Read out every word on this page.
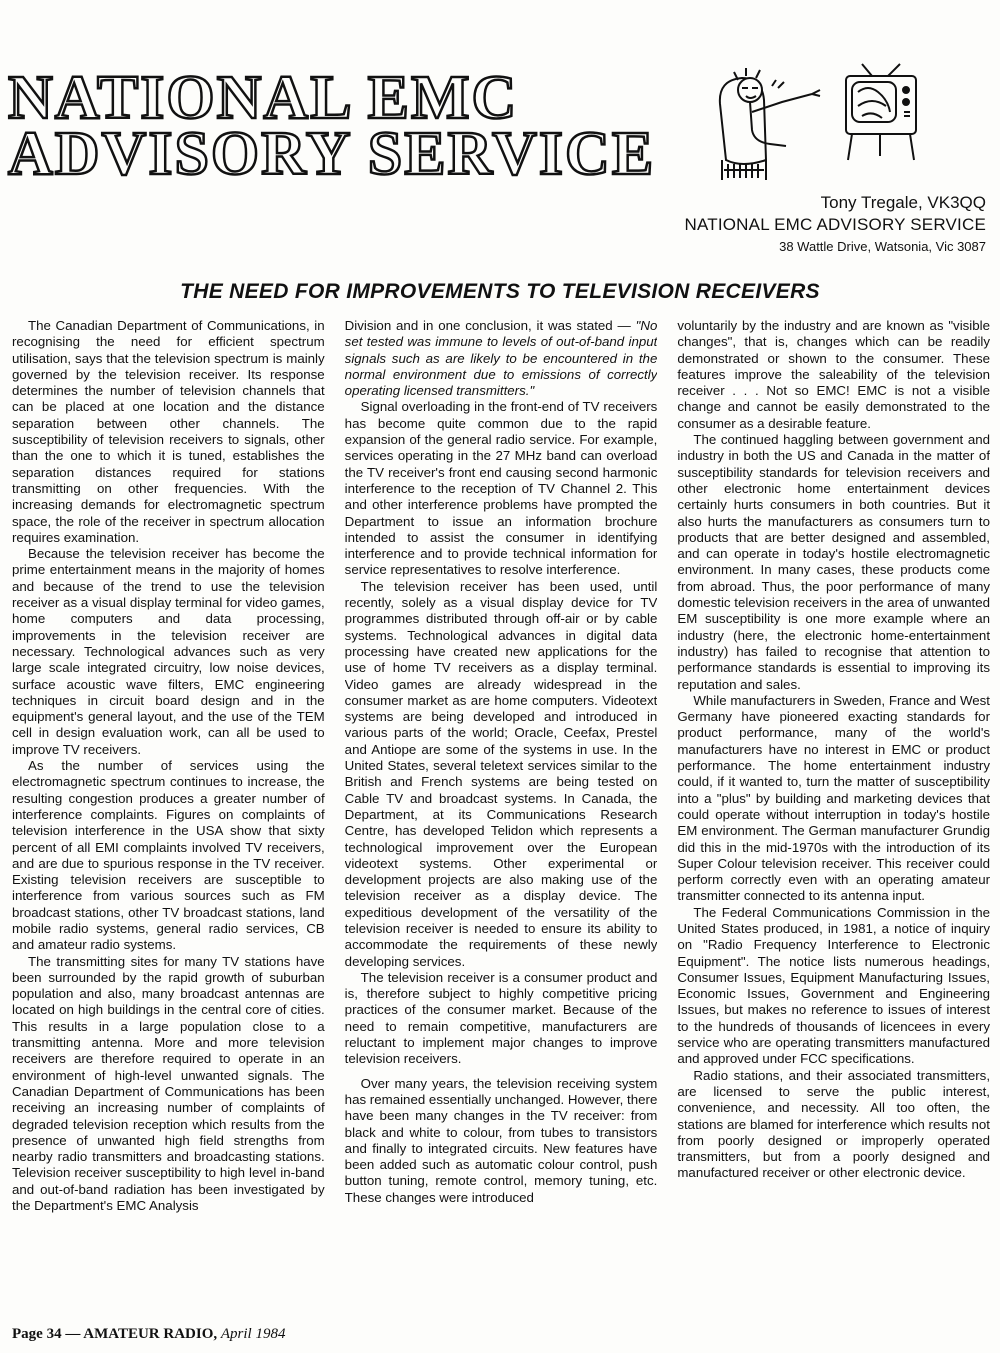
NATIONAL EMC
ADVISORY SERVICE
Tony Tregale, VK3QQ
NATIONAL EMC ADVISORY SERVICE
38 Wattle Drive, Watsonia, Vic 3087
THE NEED FOR IMPROVEMENTS TO TELEVISION RECEIVERS

The Canadian Department of Communications, in recognising the need for efficient spectrum utilisation, says that the television spectrum is mainly governed by the television receiver. Its response determines the number of television channels that can be placed at one location and the distance separation between other channels. The susceptibility of television receivers to signals, other than the one to which it is tuned, establishes the separation distances required for stations transmitting on other frequencies. With the increasing demands for electromagnetic spectrum space, the role of the receiver in spectrum allocation requires examination.

Because the television receiver has become the prime entertainment means in the majority of homes and because of the trend to use the television receiver as a visual display terminal for video games, home computers and data processing, improvements in the television receiver are necessary. Technological advances such as very large scale integrated circuitry, low noise devices, surface acoustic wave filters, EMC engineering techniques in circuit board design and in the equipment's general layout, and the use of the TEM cell in design evaluation work, can all be used to improve TV receivers.

As the number of services using the electromagnetic spectrum continues to increase, the resulting congestion produces a greater number of interference complaints. Figures on complaints of television interference in the USA show that sixty percent of all EMI complaints involved TV receivers, and are due to spurious response in the TV receiver. Existing television receivers are susceptible to interference from various sources such as FM broadcast stations, other TV broadcast stations, land mobile radio systems, general radio services, CB and amateur radio systems.

The transmitting sites for many TV stations have been surrounded by the rapid growth of suburban population and also, many broadcast antennas are located on high buildings in the central core of cities. This results in a large population close to a transmitting antenna. More and more television receivers are therefore required to operate in an environment of high-level unwanted signals. The Canadian Department of Communications has been receiving an increasing number of complaints of degraded television reception which results from the presence of unwanted high field strengths from nearby radio transmitters and broadcasting stations. Television receiver susceptibility to high level in-band and out-of-band radiation has been investigated by the Department's EMC Analysis

Division and in one conclusion, it was stated — "No set tested was immune to levels of out-of-band input signals such as are likely to be encountered in the normal environment due to emissions of correctly operating licensed transmitters."

Signal overloading in the front-end of TV receivers has become quite common due to the rapid expansion of the general radio service. For example, services operating in the 27 MHz band can overload the TV receiver's front end causing second harmonic interference to the reception of TV Channel 2. This and other interference problems have prompted the Department to issue an information brochure intended to assist the consumer in identifying interference and to provide technical information for service representatives to resolve interference.

The television receiver has been used, until recently, solely as a visual display device for TV programmes distributed through off-air or by cable systems. Technological advances in digital data processing have created new applications for the use of home TV receivers as a display terminal. Video games are already widespread in the consumer market as are home computers. Videotext systems are being developed and introduced in various parts of the world; Oracle, Ceefax, Prestel and Antiope are some of the systems in use. In the United States, several teletext services similar to the British and French systems are being tested on Cable TV and broadcast systems. In Canada, the Department, at its Communications Research Centre, has developed Telidon which represents a technological improvement over the European videotext systems. Other experimental or development projects are also making use of the television receiver as a display device. The expeditious development of the versatility of the television receiver is needed to ensure its ability to accommodate the requirements of these newly developing services.

The television receiver is a consumer product and is, therefore subject to highly competitive pricing practices of the consumer market. Because of the need to remain competitive, manufacturers are reluctant to implement major changes to improve television receivers.

Over many years, the television receiving system has remained essentially unchanged. However, there have been many changes in the TV receiver: from black and white to colour, from tubes to transistors and finally to integrated circuits. New features have been added such as automatic colour control, push button tuning, remote control, memory tuning, etc. These changes were introduced

voluntarily by the industry and are known as "visible changes", that is, changes which can be readily demonstrated or shown to the consumer. These features improve the saleability of the television receiver . . . Not so EMC! EMC is not a visible change and cannot be easily demonstrated to the consumer as a desirable feature.

The continued haggling between government and industry in both the US and Canada in the matter of susceptibility standards for television receivers and other electronic home entertainment devices certainly hurts consumers in both countries. But it also hurts the manufacturers as consumers turn to products that are better designed and assembled, and can operate in today's hostile electromagnetic environment. In many cases, these products come from abroad. Thus, the poor performance of many domestic television receivers in the area of unwanted EM susceptibility is one more example where an industry (here, the electronic home-entertainment industry) has failed to recognise that attention to performance standards is essential to improving its reputation and sales.

While manufacturers in Sweden, France and West Germany have pioneered exacting standards for product performance, many of the world's manufacturers have no interest in EMC or product performance. The home entertainment industry could, if it wanted to, turn the matter of susceptibility into a "plus" by building and marketing devices that could operate without interruption in today's hostile EM environment. The German manufacturer Grundig did this in the mid-1970s with the introduction of its Super Colour television receiver. This receiver could perform correctly even with an operating amateur transmitter connected to its antenna input.

The Federal Communications Commission in the United States produced, in 1981, a notice of inquiry on "Radio Frequency Interference to Electronic Equipment". The notice lists numerous headings, Consumer Issues, Equipment Manufacturing Issues, Economic Issues, Government and Engineering Issues, but makes no reference to issues of interest to the hundreds of thousands of licencees in every service who are operating transmitters manufactured and approved under FCC specifications.

Radio stations, and their associated transmitters, are licensed to serve the public interest, convenience, and necessity. All too often, the stations are blamed for interference which results not from poorly designed or improperly operated transmitters, but from a poorly designed and manufactured receiver or other electronic device.

Page 34 — AMATEUR RADIO, April 1984
